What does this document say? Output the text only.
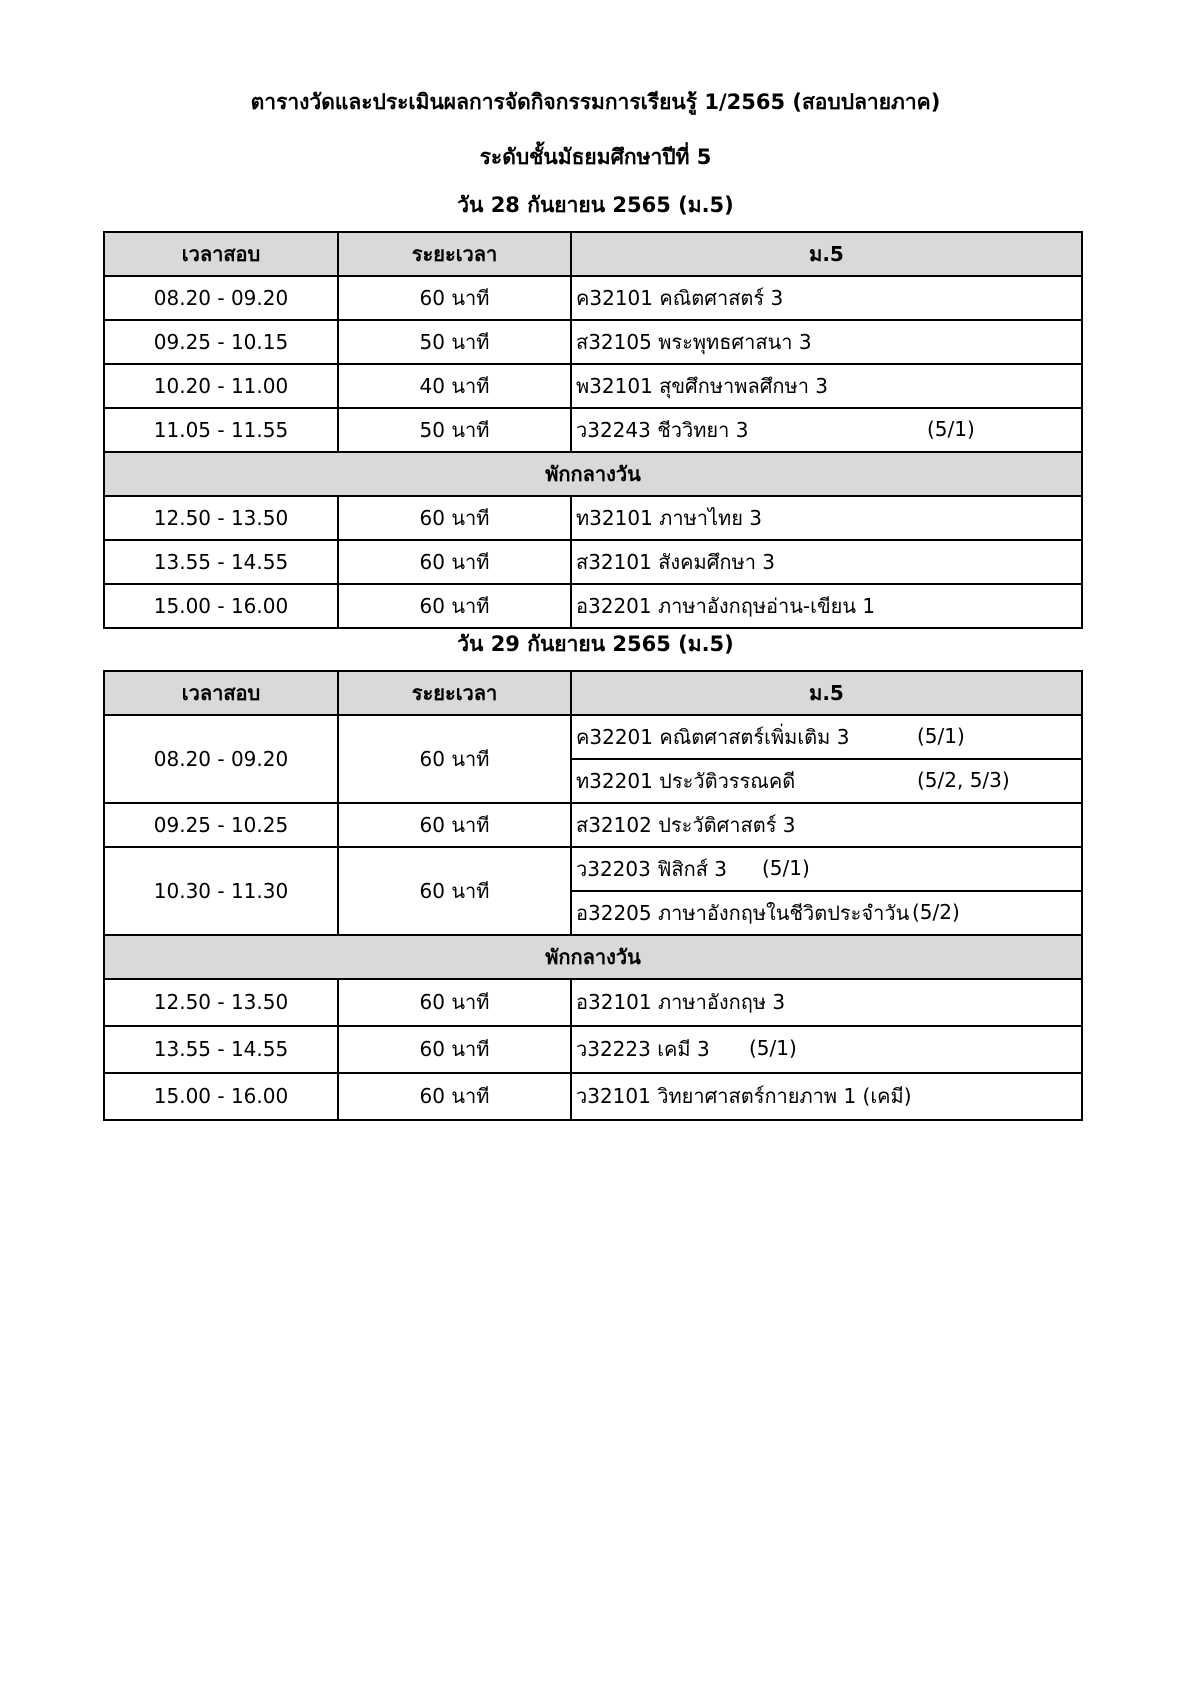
ตารางวัดและประเมินผลการจัดกิจกรรมการเรียนรู้ 1/2565 (สอบปลายภาค)
ระดับชั้นมัธยมศึกษาปีที่ 5
วัน 28 กันยายน 2565 (ม.5)
เวลาสอบ	ระยะเวลา	ม.5
08.20 - 09.20	60 นาที	ค32101 คณิตศาสตร์ 3
09.25 - 10.15	50 นาที	ส32105 พระพุทธศาสนา 3
10.20 - 11.00	40 นาที	พ32101 สุขศึกษาพลศึกษา 3
11.05 - 11.55	50 นาที	ว32243 ชีววิทยา 3 (5/1)

พักกลางวัน		
12.50 - 13.50	60 นาที	ท32101 ภาษาไทย 3
13.55 - 14.55	60 นาที	ส32101 สังคมศึกษา 3
15.00 - 16.00	60 นาที	อ32201 ภาษาอังกฤษอ่าน-เขียน 1
วัน 29 กันยายน 2565 (ม.5)
เวลาสอบ	ระยะเวลา	ม.5
08.20 - 09.20	60 นาที	ค32201 คณิตศาสตร์เพิ่มเติม 3 (5/1)

		ท32201 ประวัติวรรณคดี (5/2, 5/3)

09.25 - 10.25	60 นาที	ส32102 ประวัติศาสตร์ 3
10.30 - 11.30	60 นาที	ว32203 ฟิสิกส์ 3 (5/1)

		อ32205 ภาษาอังกฤษในชีวิตประจำวัน (5/2)

พักกลางวัน		
12.50 - 13.50	60 นาที	อ32101 ภาษาอังกฤษ 3
13.55 - 14.55	60 นาที	ว32223 เคมี 3 (5/1)

15.00 - 16.00	60 นาที	ว32101 วิทยาศาสตร์กายภาพ 1 (เคมี)
